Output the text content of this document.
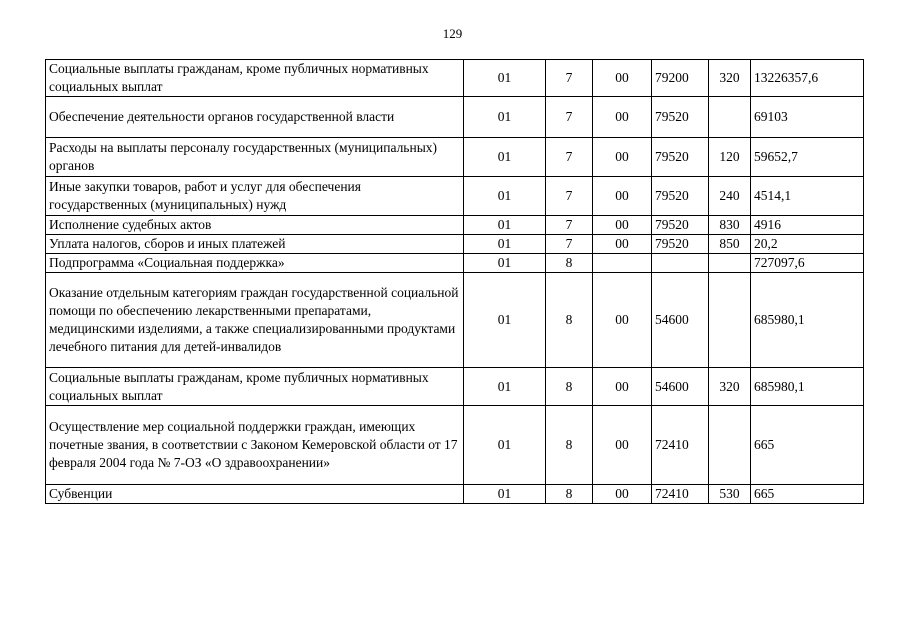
129
Социальные выплаты гражданам, кроме публичных нормативных социальных выплат	01	7	00	79200	320	13226357,6
Обеспечение деятельности органов государственной власти	01	7	00	79520		69103
Расходы на выплаты персоналу государственных (муниципальных) органов	01	7	00	79520	120	59652,7
Иные закупки товаров, работ и услуг для обеспечения государственных (муниципальных) нужд	01	7	00	79520	240	4514,1
Исполнение судебных актов	01	7	00	79520	830	4916
Уплата налогов, сборов и иных платежей	01	7	00	79520	850	20,2
Подпрограмма «Социальная поддержка»	01	8				727097,6
Оказание отдельным категориям граждан государственной социальной помощи по обеспечению лекарственными препаратами, медицинскими изделиями, а также специализированными продуктами лечебного питания для детей-инвалидов	01	8	00	54600		685980,1
Социальные выплаты гражданам, кроме публичных нормативных социальных выплат	01	8	00	54600	320	685980,1
Осуществление мер социальной поддержки граждан, имеющих почетные звания, в соответствии с Законом Кемеровской области от 17 февраля 2004 года № 7-ОЗ «О здравоохранении»	01	8	00	72410		665
Субвенции	01	8	00	72410	530	665
